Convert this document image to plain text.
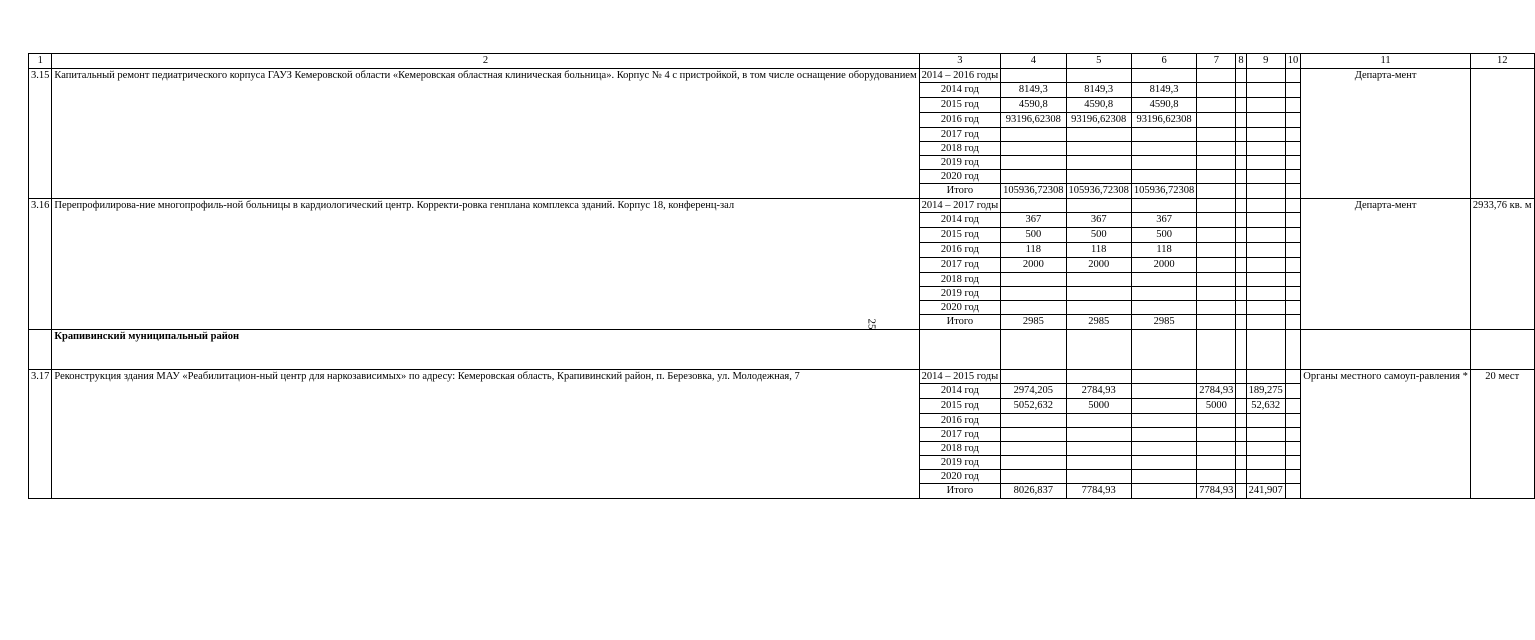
1	2	3	4	5	6	7	8	9	10	11	12
3.15	Капитальный ремонт педиатрического корпуса ГАУЗ Кемеровской области «Кемеровская областная клиническая больница». Корпус № 4 с пристройкой, в том числе оснащение оборудованием	2014 – 2016 годы								Департа-мент	
		2014 год	8149,3	8149,3	8149,3						
		2015 год	4590,8	4590,8	4590,8						
		2016 год	93196,62308	93196,62308	93196,62308						
		2017 год									
		2018 год									
		2019 год									
		2020 год									
		Итого	105936,72308	105936,72308	105936,72308						
3.16	Перепрофилирова-ние многопрофиль-ной больницы в кардиологический центр. Корректи-ровка генплана комплекса зданий. Корпус 18, конференц-зал	2014 – 2017 годы								Департа-мент	2933,76 кв. м
		2014 год	367	367	367						
		2015 год	500	500	500						
		2016 год	118	118	118						
		2017 год	2000	2000	2000						
		2018 год									
		2019 год									
		2020 год									
		Итого	2985	2985	2985						
	Крапивинский муниципальный район										
3.17	Реконструкция здания МАУ «Реабилитацион-ный центр для наркозависимых» по адресу: Кемеровская область, Крапивинский район, п. Березовка, ул. Молодежная, 7	2014 – 2015 годы								Органы местного самоуп-равления *	20 мест
		2014 год	2974,205	2784,93		2784,93		189,275			
		2015 год	5052,632	5000		5000		52,632			
		2016 год									
		2017 год									
		2018 год									
		2019 год									
		2020 год									
		Итого	8026,837	7784,93		7784,93		241,907			
25
